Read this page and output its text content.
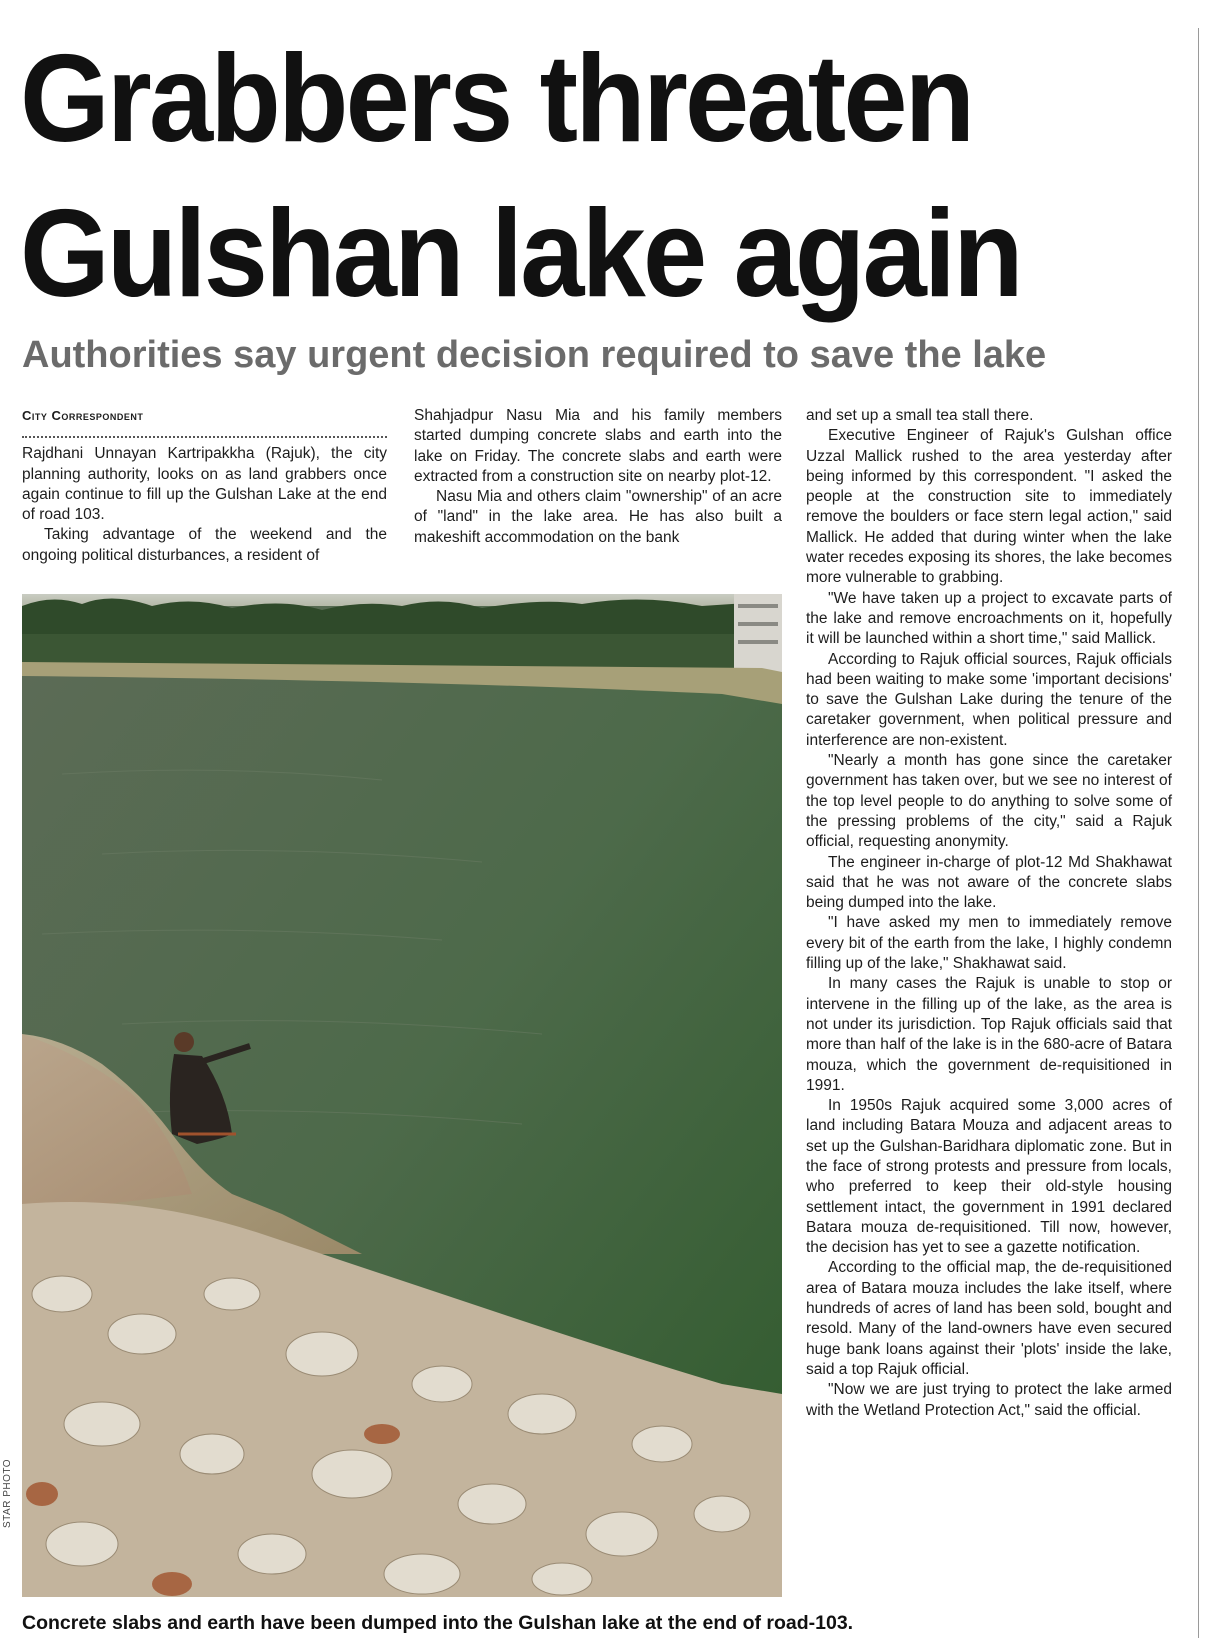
Grabbers threaten Gulshan lake again
Authorities say urgent decision required to save the lake

City Correspondent

Rajdhani Unnayan Kartripakkha (Rajuk), the city planning authority, looks on as land grabbers once again continue to fill up the Gulshan Lake at the end of road 103.

Taking advantage of the weekend and the ongoing political disturbances, a resident of

Shahjadpur Nasu Mia and his family members started dumping concrete slabs and earth into the lake on Friday. The concrete slabs and earth were extracted from a construction site on nearby plot-12.

Nasu Mia and others claim "ownership" of an acre of "land" in the lake area. He has also built a makeshift accommodation on the bank

and set up a small tea stall there.

Executive Engineer of Rajuk's Gulshan office Uzzal Mallick rushed to the area yesterday after being informed by this correspondent. "I asked the people at the construction site to immediately remove the boulders or face stern legal action," said Mallick. He added that during winter when the lake water recedes exposing its shores, the lake becomes more vulnerable to grabbing.

"We have taken up a project to excavate parts of the lake and remove encroachments on it, hopefully it will be launched within a short time," said Mallick.

According to Rajuk official sources, Rajuk officials had been waiting to make some 'important decisions' to save the Gulshan Lake during the tenure of the caretaker government, when political pressure and interference are non-existent.

"Nearly a month has gone since the caretaker government has taken over, but we see no interest of the top level people to do anything to solve some of the pressing problems of the city," said a Rajuk official, requesting anonymity.

The engineer in-charge of plot-12 Md Shakhawat said that he was not aware of the concrete slabs being dumped into the lake.

"I have asked my men to immediately remove every bit of the earth from the lake, I highly condemn filling up of the lake," Shakhawat said.

In many cases the Rajuk is unable to stop or intervene in the filling up of the lake, as the area is not under its jurisdiction. Top Rajuk officials said that more than half of the lake is in the 680-acre of Batara mouza, which the government de-requisitioned in 1991.

In 1950s Rajuk acquired some 3,000 acres of land including Batara Mouza and adjacent areas to set up the Gulshan-Baridhara diplomatic zone. But in the face of strong protests and pressure from locals, who preferred to keep their old-style housing settlement intact, the government in 1991 declared Batara mouza de-requisitioned. Till now, however, the decision has yet to see a gazette notification.

According to the official map, the de-requisitioned area of Batara mouza includes the lake itself, where hundreds of acres of land has been sold, bought and resold. Many of the land-owners have even secured huge bank loans against their 'plots' inside the lake, said a top Rajuk official.

"Now we are just trying to protect the lake armed with the Wetland Protection Act," said the official.

STAR PHOTO

Concrete slabs and earth have been dumped into the Gulshan lake at the end of road-103.
